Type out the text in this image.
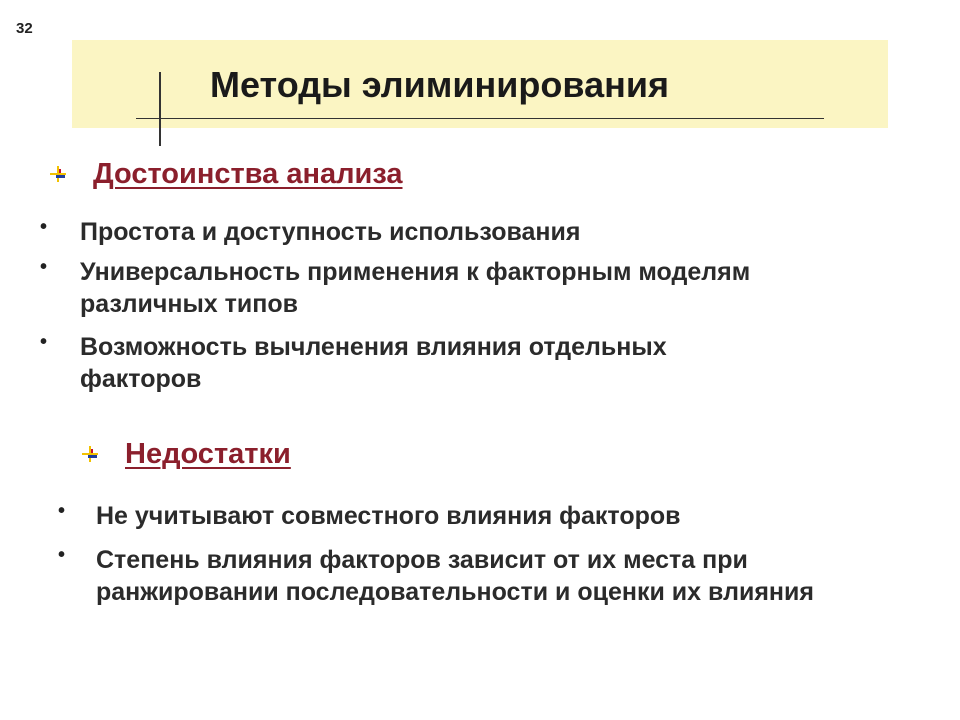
32
Методы элиминирования
Достоинства анализа
• Простота и доступность использования
• Универсальность применения к факторным моделям различных типов
• Возможность вычленения влияния отдельных факторов
Недостатки
• Не учитывают совместного влияния факторов
• Степень влияния факторов зависит от их места при ранжировании последовательности и оценки их влияния
